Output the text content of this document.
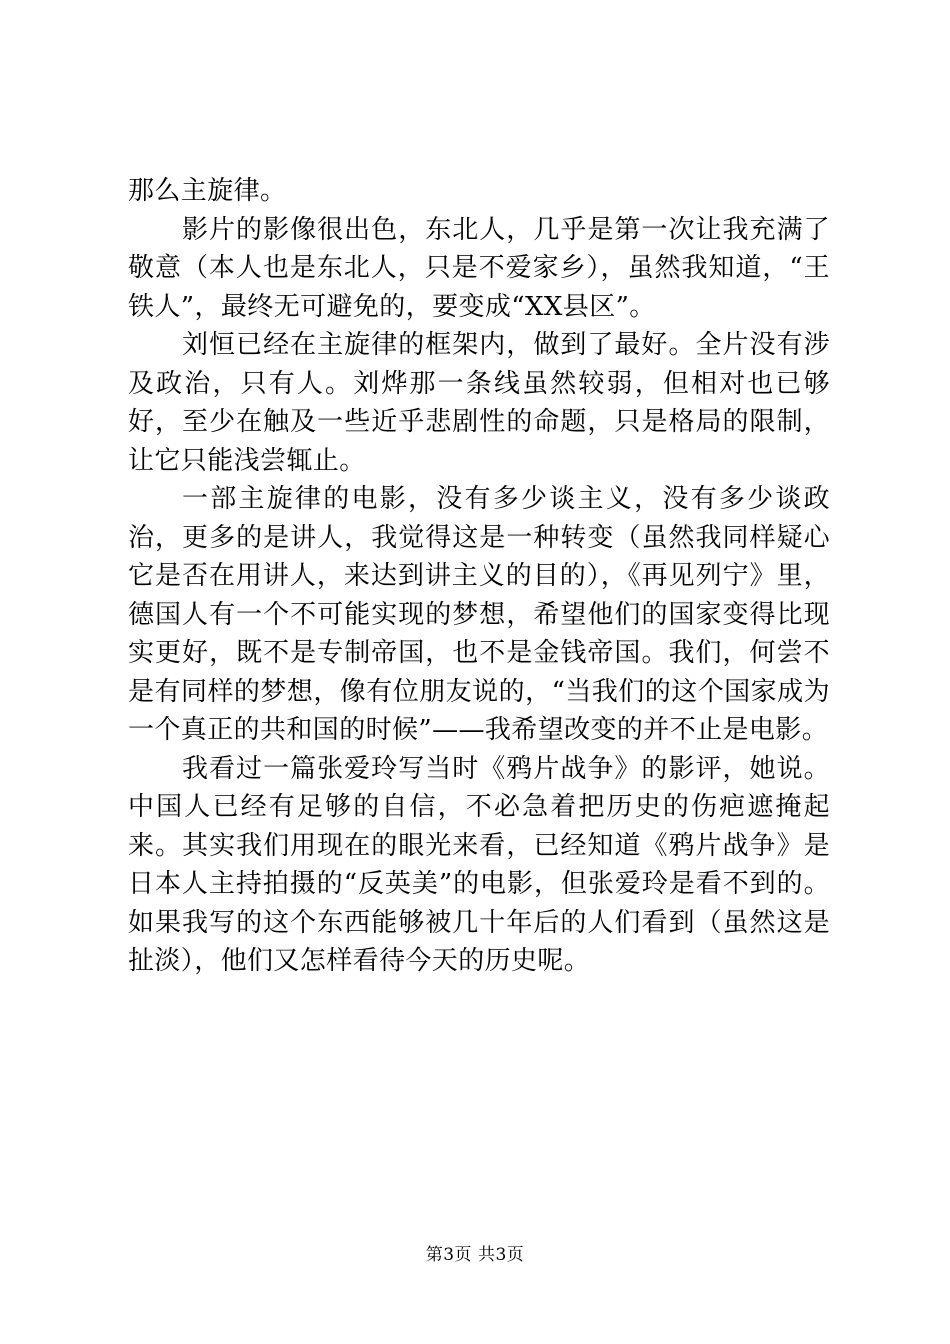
那么主旋律。

影片的影像很出色，东北人，几乎是第一次让我充满了敬意（本人也是东北人，只是不爱家乡），虽然我知道，“王铁人”，最终无可避免的，要变成“XX县区”。

刘恒已经在主旋律的框架内，做到了最好。全片没有涉及政治，只有人。刘烨那一条线虽然较弱，但相对也已够好，至少在触及一些近乎悲剧性的命题，只是格局的限制，让它只能浅尝辄止。

一部主旋律的电影，没有多少谈主义，没有多少谈政治，更多的是讲人，我觉得这是一种转变（虽然我同样疑心它是否在用讲人，来达到讲主义的目的），《再见列宁》里，德国人有一个不可能实现的梦想，希望他们的国家变得比现实更好，既不是专制帝国，也不是金钱帝国。我们，何尝不是有同样的梦想，像有位朋友说的，“当我们的这个国家成为一个真正的共和国的时候”——我希望改变的并不止是电影。

我看过一篇张爱玲写当时《鸦片战争》的影评，她说。中国人已经有足够的自信，不必急着把历史的伤疤遮掩起来。其实我们用现在的眼光来看，已经知道《鸦片战争》是日本人主持拍摄的“反英美”的电影，但张爱玲是看不到的。如果我写的这个东西能够被几十年后的人们看到（虽然这是扯淡），他们又怎样看待今天的历史呢。

第3页 共3页
